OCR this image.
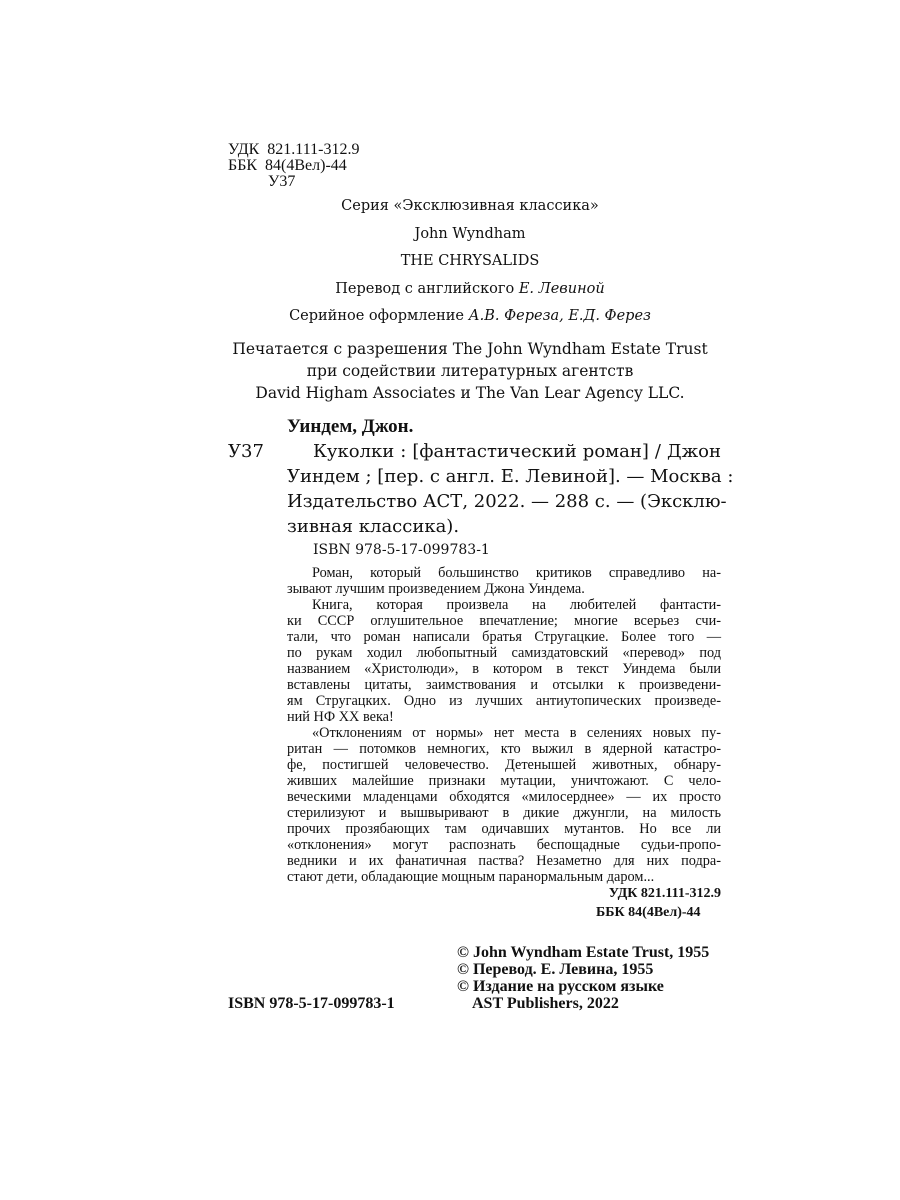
УДК 821.111-312.9
ББК 84(4Вел)-44
У37
Серия «Эксклюзивная классика»
John Wyndham
THE CHRYSALIDS
Перевод с английского Е. Левиной
Серийное оформление А.В. Фереза, Е.Д. Ферез
Печатается с разрешения The John Wyndham Estate Trust
при содействии литературных агентств
David Higham Associates и The Van Lear Agency LLC.
Уиндем, Джон.
У37	Куколки : [фантастический роман] / Джон
Уиндем ; [пер. с англ. Е. Левиной]. — Москва :
Издательство АСТ, 2022. — 288 с. — (Эксклю-
зивная классика).
ISBN 978-5-17-099783-1
Роман, который большинство критиков справедливо на-
зывают лучшим произведением Джона Уиндема.
Книга, которая произвела на любителей фантасти-
ки СССР оглушительное впечатление; многие всерьез счи-
тали, что роман написали братья Стругацкие. Более того —
по рукам ходил любопытный самиздатовский «перевод» под
названием «Христолюди», в котором в текст Уиндема были
вставлены цитаты, заимствования и отсылки к произведени-
ям Стругацких. Одно из лучших антиутопических произведе-
ний НФ XX века!
«Отклонениям от нормы» нет места в селениях новых пу-
ритан — потомков немногих, кто выжил в ядерной катастро-
фе, постигшей человечество. Детенышей животных, обнару-
живших малейшие признаки мутации, уничтожают. С чело-
веческими младенцами обходятся «милосерднее» — их просто
стерилизуют и вышвыривают в дикие джунгли, на милость
прочих прозябающих там одичавших мутантов. Но все ли
«отклонения» могут распознать беспощадные судьи-пропо-
ведники и их фанатичная паства? Незаметно для них подра-
стают дети, обладающие мощным паранормальным даром...
УДК 821.111-312.9
ББК 84(4Вел)-44
© John Wyndham Estate Trust, 1955
© Перевод. Е. Левина, 1955
© Издание на русском языке
AST Publishers, 2022
ISBN 978-5-17-099783-1
